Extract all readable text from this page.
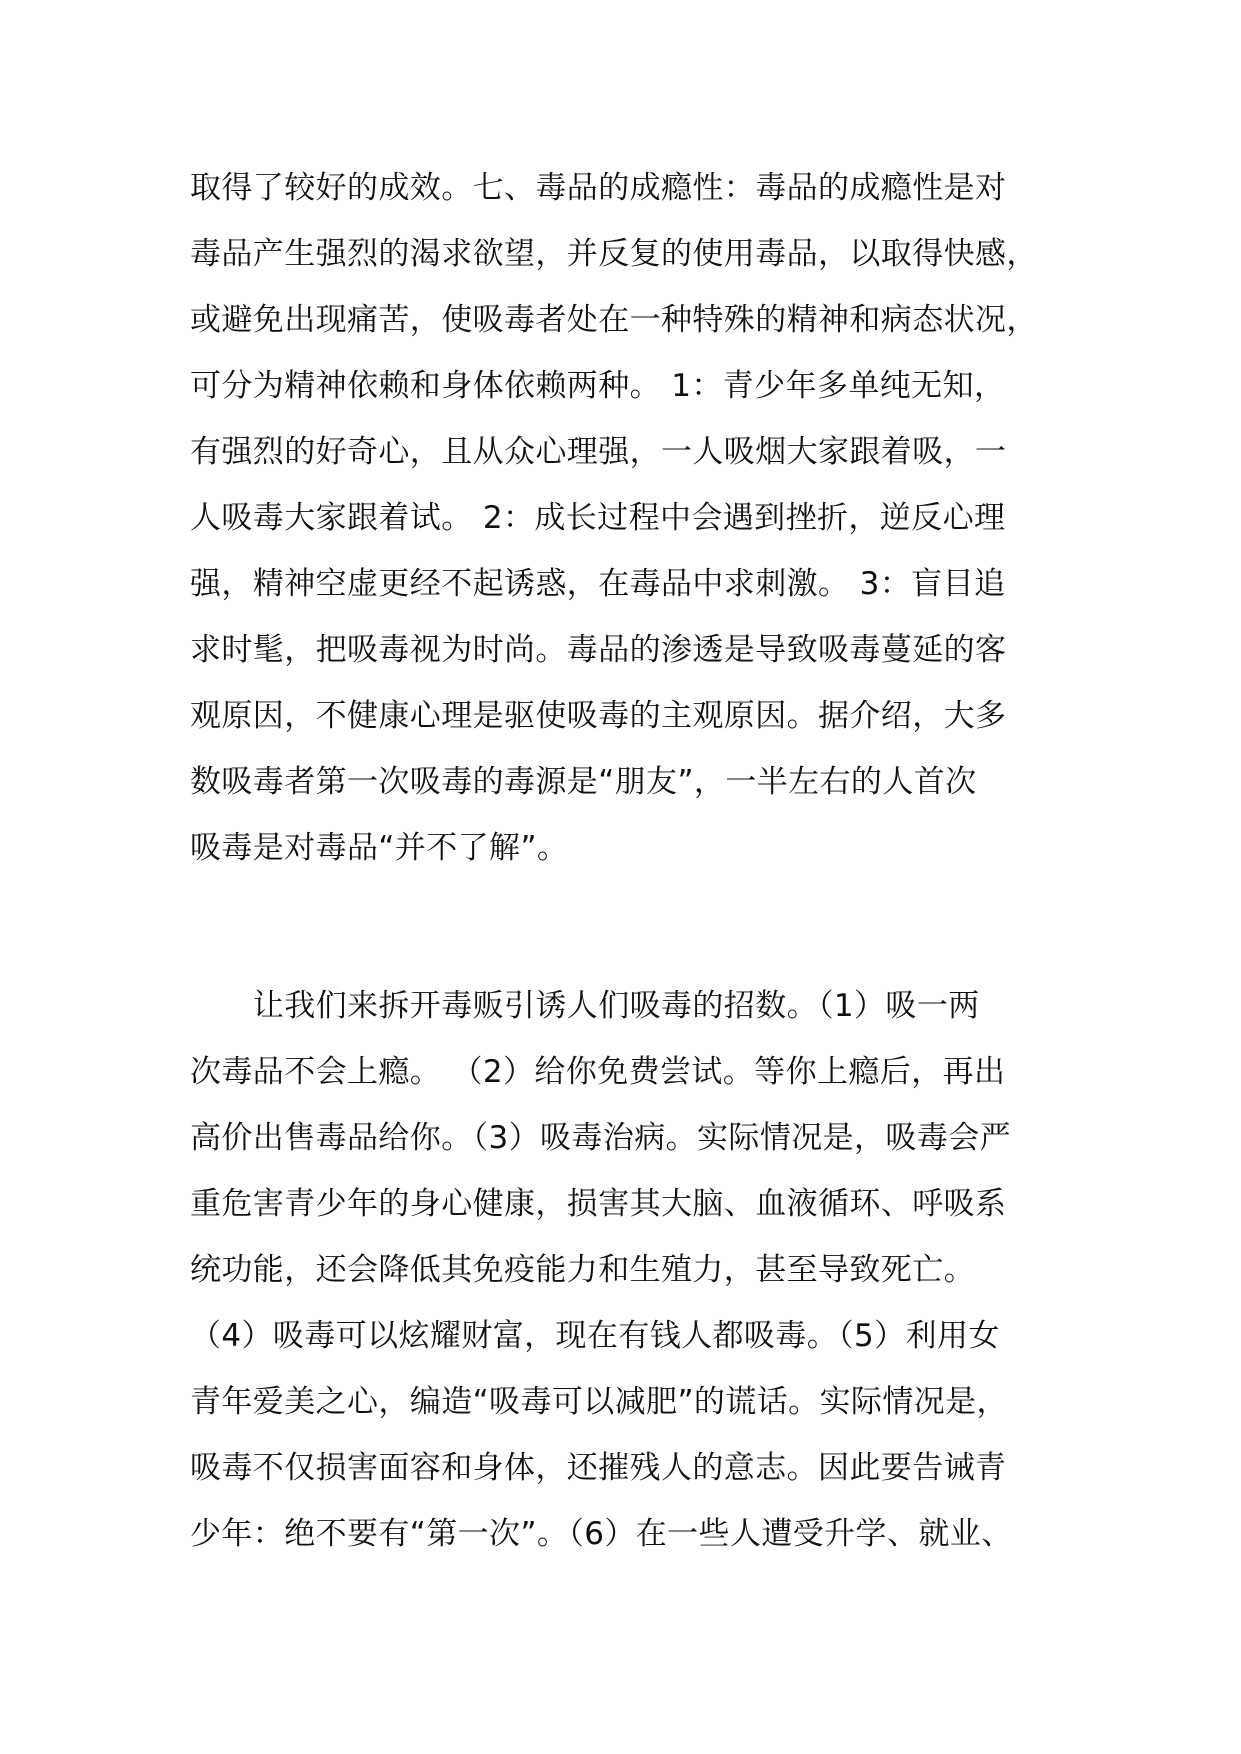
取得了较好的成效。七、毒品的成瘾性：毒品的成瘾性是对
毒品产生强烈的渴求欲望，并反复的使用毒品，以取得快感，
或避免出现痛苦，使吸毒者处在一种特殊的精神和病态状况，
可分为精神依赖和身体依赖两种。 1：青少年多单纯无知，
有强烈的好奇心，且从众心理强，一人吸烟大家跟着吸，一
人吸毒大家跟着试。 2：成长过程中会遇到挫折，逆反心理
强，精神空虚更经不起诱惑，在毒品中求刺激。 3：盲目追
求时髦，把吸毒视为时尚。毒品的渗透是导致吸毒蔓延的客
观原因，不健康心理是驱使吸毒的主观原因。据介绍，大多
数吸毒者第一次吸毒的毒源是“朋友”，一半左右的人首次
吸毒是对毒品“并不了解”。
　　让我们来拆开毒贩引诱人们吸毒的招数。（1）吸一两
次毒品不会上瘾。 （2）给你免费尝试。等你上瘾后，再出
高价出售毒品给你。（3）吸毒治病。实际情况是，吸毒会严
重危害青少年的身心健康，损害其大脑、血液循环、呼吸系
统功能，还会降低其免疫能力和生殖力，甚至导致死亡。
（4）吸毒可以炫耀财富，现在有钱人都吸毒。（5）利用女
青年爱美之心，编造“吸毒可以减肥”的谎话。实际情况是，
吸毒不仅损害面容和身体，还摧残人的意志。因此要告诫青
少年：绝不要有“第一次”。（6）在一些人遭受升学、就业、
